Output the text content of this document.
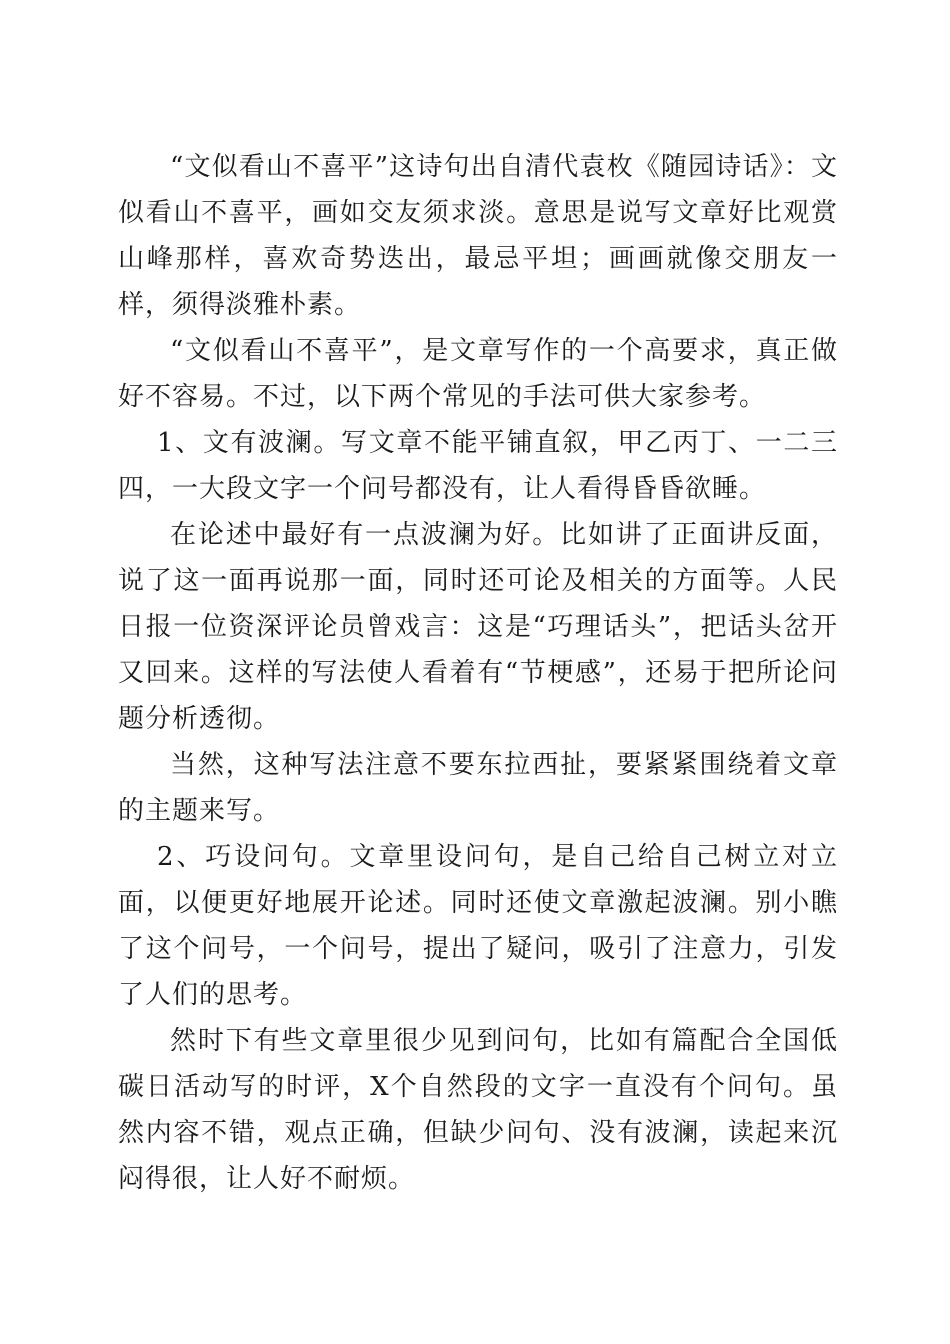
“文似看山不喜平”这诗句出自清代袁枚《随园诗话》：文似看山不喜平，画如交友须求淡。意思是说写文章好比观赏山峰那样，喜欢奇势迭出，最忌平坦；画画就像交朋友一样，须得淡雅朴素。

“文似看山不喜平”，是文章写作的一个高要求，真正做好不容易。不过，以下两个常见的手法可供大家参考。

1、文有波澜。写文章不能平铺直叙，甲乙丙丁、一二三四，一大段文字一个问号都没有，让人看得昏昏欲睡。

在论述中最好有一点波澜为好。比如讲了正面讲反面，说了这一面再说那一面，同时还可论及相关的方面等。人民日报一位资深评论员曾戏言：这是“巧理话头”，把话头岔开又回来。这样的写法使人看着有“节梗感”，还易于把所论问题分析透彻。

当然，这种写法注意不要东拉西扯，要紧紧围绕着文章的主题来写。

2、巧设问句。文章里设问句，是自己给自己树立对立面，以便更好地展开论述。同时还使文章激起波澜。别小瞧了这个问号，一个问号，提出了疑问，吸引了注意力，引发了人们的思考。

然时下有些文章里很少见到问句，比如有篇配合全国低碳日活动写的时评，X个自然段的文字一直没有个问句。虽然内容不错，观点正确，但缺少问句、没有波澜，读起来沉闷得很，让人好不耐烦。
